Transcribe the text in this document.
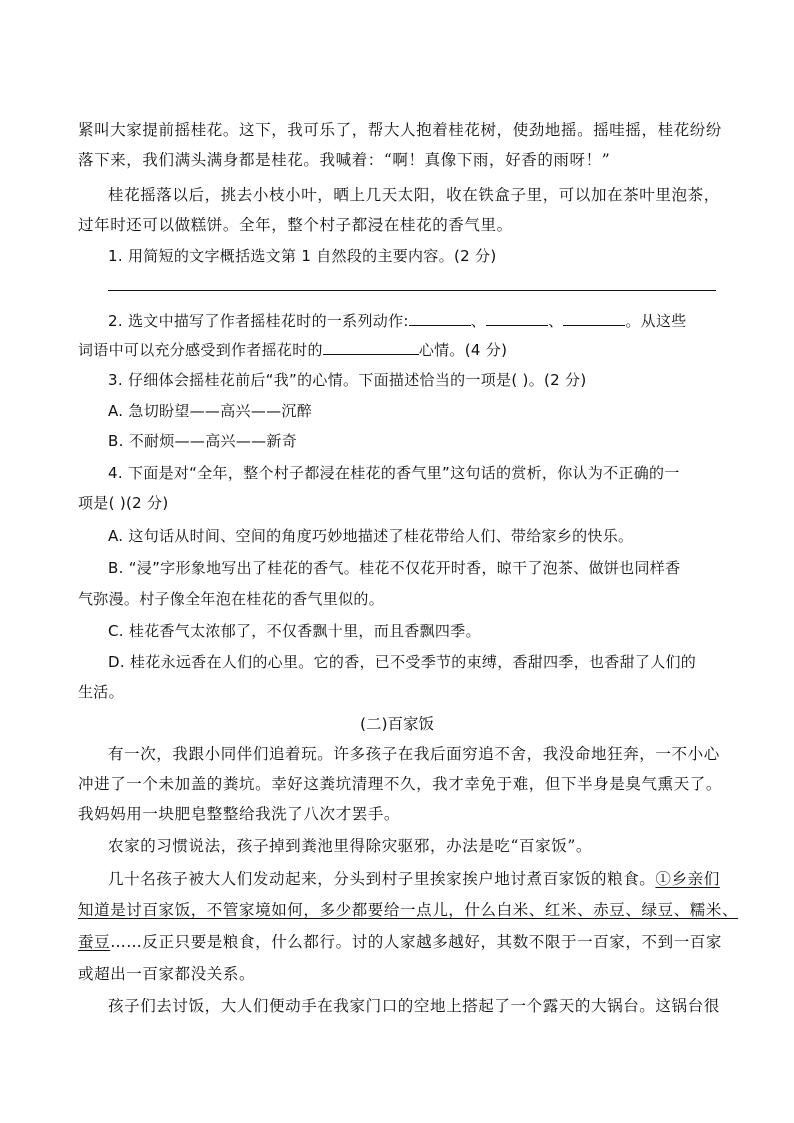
紧叫大家提前摇桂花。这下，我可乐了，帮大人抱着桂花树，使劲地摇。摇哇摇，桂花纷纷
落下来，我们满头满身都是桂花。我喊着：“啊！真像下雨，好香的雨呀！”
桂花摇落以后，挑去小枝小叶，晒上几天太阳，收在铁盒子里，可以加在茶叶里泡茶，
过年时还可以做糕饼。全年，整个村子都浸在桂花的香气里。
1. 用简短的文字概括选文第 1 自然段的主要内容。(2 分)
2. 选文中描写了作者摇桂花时的一系列动作:	、	、	。从这些
词语中可以充分感受到作者摇花时的	心情。(4 分)
3. 仔细体会摇桂花前后“我”的心情。下面描述恰当的一项是( )。(2 分)
A. 急切盼望——高兴——沉醉
B. 不耐烦——高兴——新奇
4. 下面是对“全年，整个村子都浸在桂花的香气里”这句话的赏析，你认为不正确的一
项是( )(2 分)
A. 这句话从时间、空间的角度巧妙地描述了桂花带给人们、带给家乡的快乐。
B. “浸”字形象地写出了桂花的香气。桂花不仅花开时香，晾干了泡茶、做饼也同样香
气弥漫。村子像全年泡在桂花的香气里似的。
C. 桂花香气太浓郁了，不仅香飘十里，而且香飘四季。
D. 桂花永远香在人们的心里。它的香，已不受季节的束缚，香甜四季，也香甜了人们的
生活。
(二)百家饭
有一次，我跟小同伴们追着玩。许多孩子在我后面穷追不舍，我没命地狂奔，一不小心
冲进了一个未加盖的粪坑。幸好这粪坑清理不久，我才幸免于难，但下半身是臭气熏天了。
我妈妈用一块肥皂整整给我洗了八次才罢手。
农家的习惯说法，孩子掉到粪池里得除灾驱邪，办法是吃“百家饭”。
几十名孩子被大人们发动起来，分头到村子里挨家挨户地讨煮百家饭的粮食。①乡亲们
知道是讨百家饭，不管家境如何，多少都要给一点儿，什么白米、红米、赤豆、绿豆、糯米、
蚕豆……反正只要是粮食，什么都行。讨的人家越多越好，其数不限于一百家，不到一百家
或超出一百家都没关系。
孩子们去讨饭，大人们便动手在我家门口的空地上搭起了一个露天的大锅台。这锅台很
